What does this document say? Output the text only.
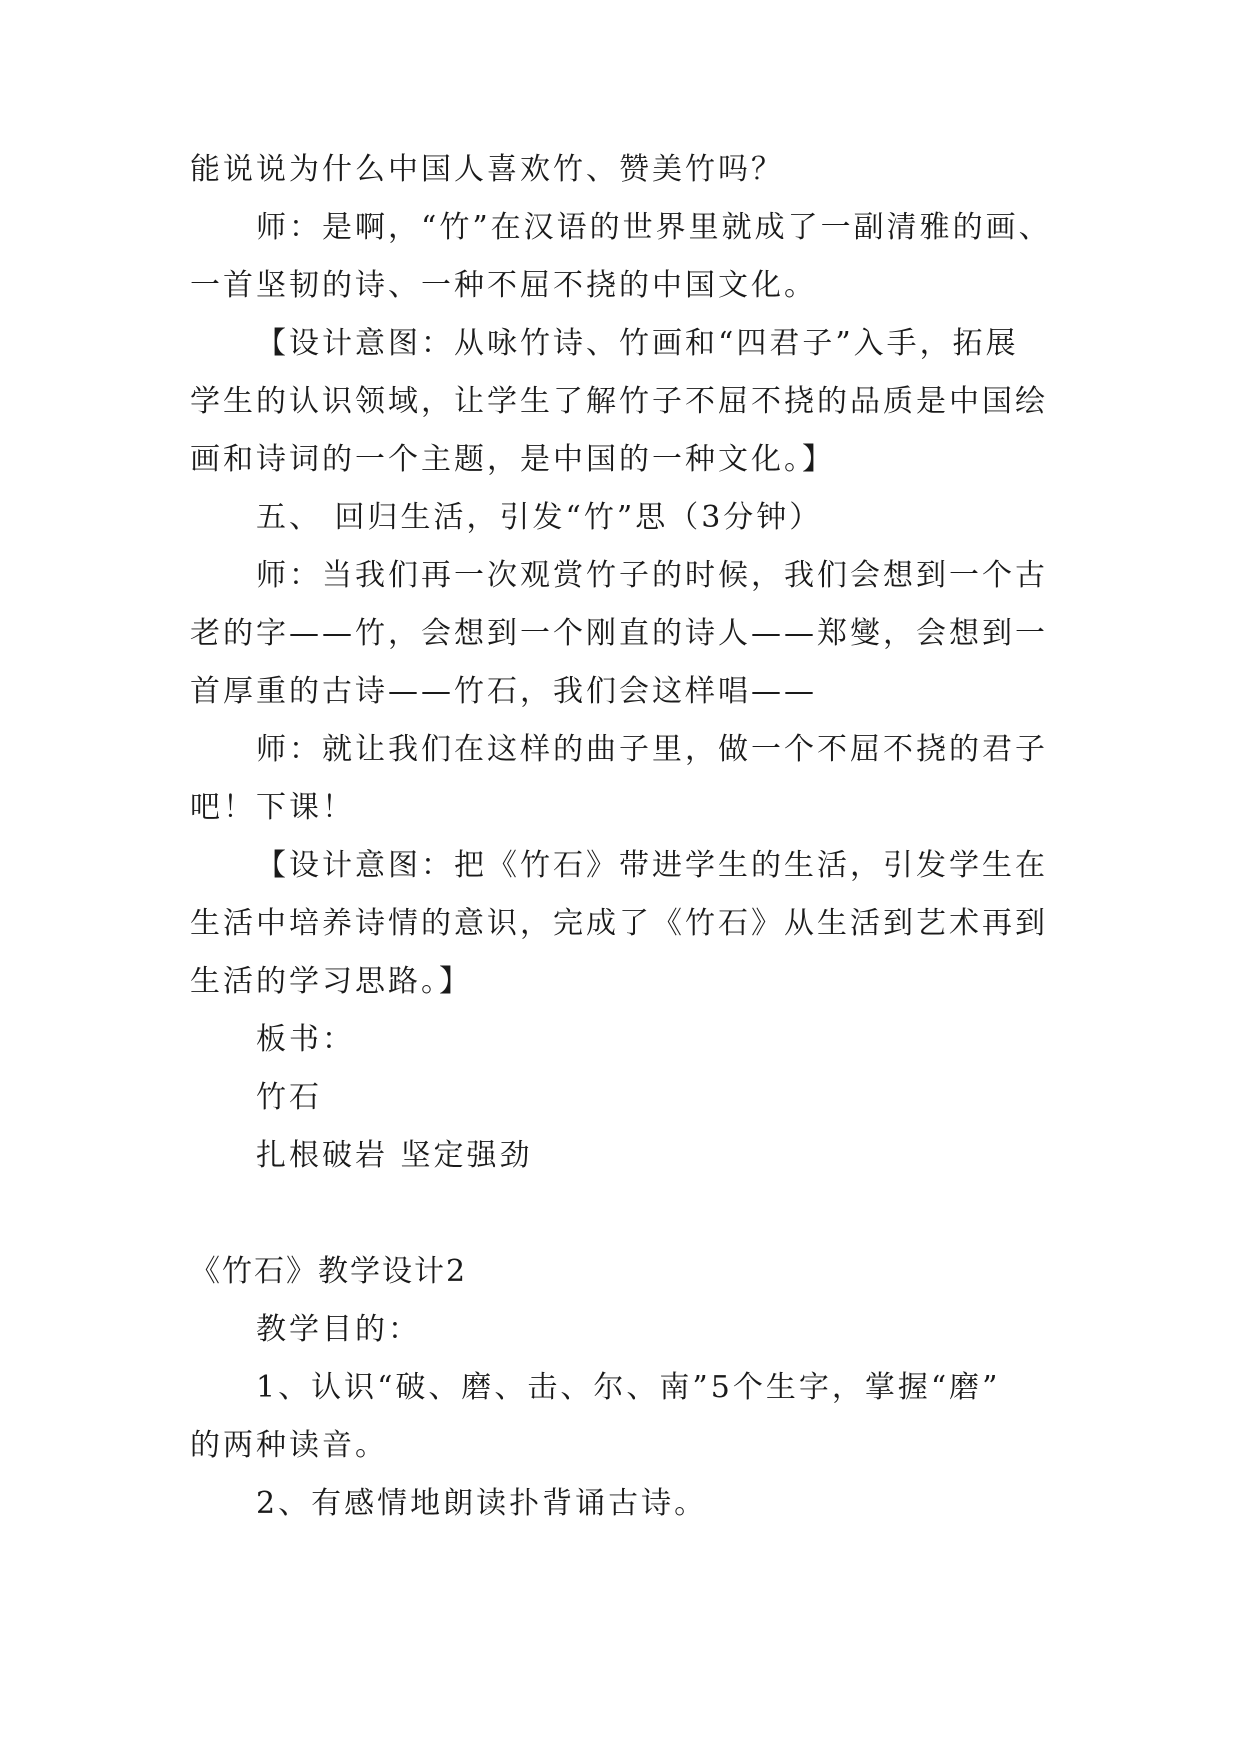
能说说为什么中国人喜欢竹、赞美竹吗？
师：是啊，“竹”在汉语的世界里就成了一副清雅的画、
一首坚韧的诗、一种不屈不挠的中国文化。
【设计意图：从咏竹诗、竹画和“四君子”入手，拓展
学生的认识领域，让学生了解竹子不屈不挠的品质是中国绘
画和诗词的一个主题，是中国的一种文化。】
五、 回归生活，引发“竹”思（3分钟）
师：当我们再一次观赏竹子的时候，我们会想到一个古
老的字——竹，会想到一个刚直的诗人——郑燮，会想到一
首厚重的古诗——竹石，我们会这样唱——
师：就让我们在这样的曲子里，做一个不屈不挠的君子
吧！下课！
【设计意图：把《竹石》带进学生的生活，引发学生在
生活中培养诗情的意识，完成了《竹石》从生活到艺术再到
生活的学习思路。】
板书：
竹石
扎根破岩 坚定强劲
《竹石》教学设计2
教学目的：
1、认识“破、磨、击、尔、南”5个生字，掌握“磨”
的两种读音。
2、有感情地朗读扑背诵古诗。
